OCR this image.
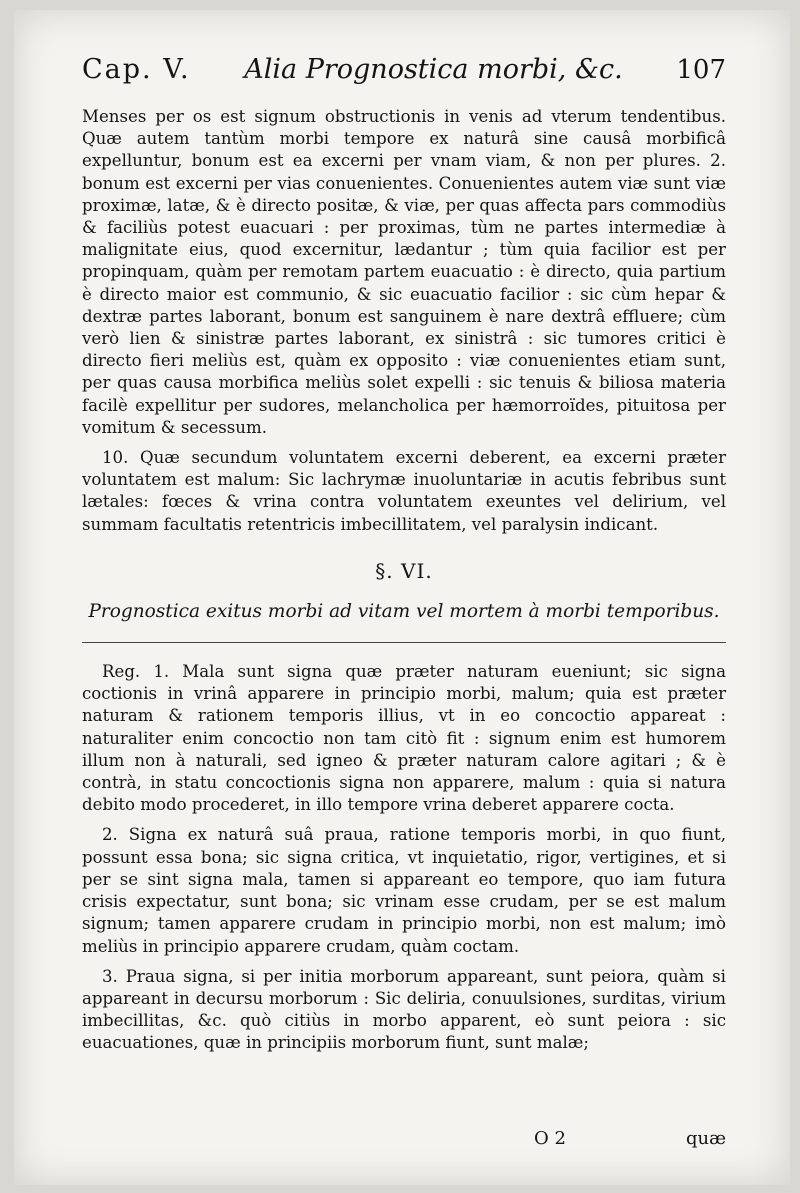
Cap. V. Alia Prognostica morbi, &c. 107

Menses per os est signum obstructionis in venis ad vterum tendentibus. Quæ autem tantùm morbi tempore ex naturâ sine causâ morbificâ expelluntur, bonum est ea excerni per vnam viam, & non per plures. 2. bonum est excerni per vias conuenientes. Conuenientes autem viæ sunt viæ proximæ, latæ, & è directo positæ, & viæ, per quas affecta pars commodiùs & faciliùs potest euacuari : per proximas, tùm ne partes intermediæ à malignitate eius, quod excernitur, lædantur ; tùm quia facilior est per propinquam, quàm per remotam partem euacuatio : è directo, quia partium è directo maior est communio, & sic euacuatio facilior : sic cùm hepar & dextræ partes laborant, bonum est sanguinem è nare dextrâ effluere; cùm verò lien & sinistræ partes laborant, ex sinistrâ : sic tumores critici è directo fieri meliùs est, quàm ex opposito : viæ conuenientes etiam sunt, per quas causa morbifica meliùs solet expelli : sic tenuis & biliosa materia facilè expellitur per sudores, melancholica per hæmorroïdes, pituitosa per vomitum & secessum.

10. Quæ secundum voluntatem excerni deberent, ea excerni præter voluntatem est malum: Sic lachrymæ inuoluntariæ in acutis febribus sunt lætales: fœces & vrina contra voluntatem exeuntes vel delirium, vel summam facultatis retentricis imbecillitatem, vel paralysin indicant.

§. VI.
Prognostica exitus morbi ad vitam vel mortem à morbi temporibus.

Reg. 1. Mala sunt signa quæ præter naturam eueniunt; sic signa coctionis in vrinâ apparere in principio morbi, malum; quia est præter naturam & rationem temporis illius, vt in eo concoctio appareat : naturaliter enim concoctio non tam citò fit : signum enim est humorem illum non à naturali, sed igneo & præter naturam calore agitari ; & è contrà, in statu concoctionis signa non apparere, malum : quia si natura debito modo procederet, in illo tempore vrina deberet apparere cocta.

2. Signa ex naturâ suâ praua, ratione temporis morbi, in quo fiunt, possunt essa bona; sic signa critica, vt inquietatio, rigor, vertigines, et si per se sint signa mala, tamen si appareant eo tempore, quo iam futura crisis expectatur, sunt bona; sic vrinam esse crudam, per se est malum signum; tamen apparere crudam in principio morbi, non est malum; imò meliùs in principio apparere crudam, quàm coctam.

3. Praua signa, si per initia morborum appareant, sunt peiora, quàm si appareant in decursu morborum : Sic deliria, conuulsiones, surditas, virium imbecillitas, &c. quò citiùs in morbo apparent, eò sunt peiora : sic euacuationes, quæ in principiis morborum fiunt, sunt malæ;

O 2	quæ
